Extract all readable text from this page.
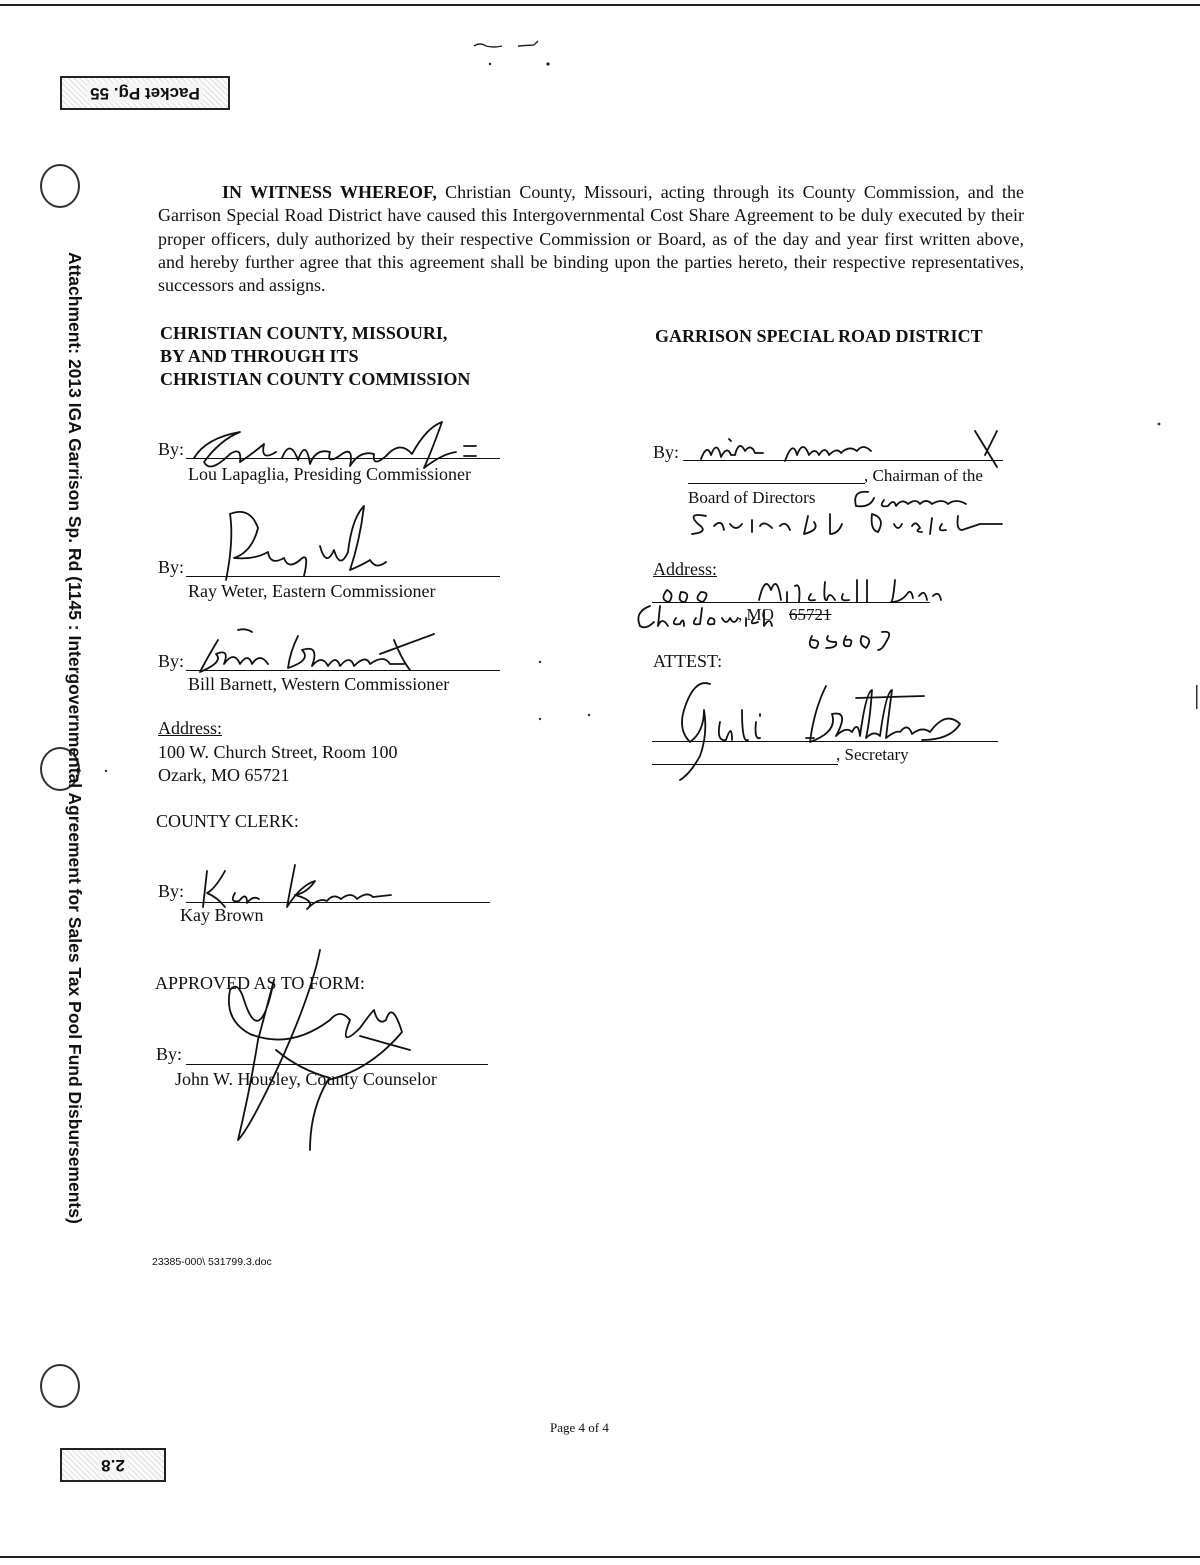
Packet Pg. 55
2.8
Attachment: 2013 IGA Garrison Sp. Rd (1145 : Intergovernmental Agreement for Sales Tax Pool Fund Disbursements)
IN WITNESS WHEREOF, Christian County, Missouri, acting through its County Commission, and the Garrison Special Road District have caused this Intergovernmental Cost Share Agreement to be duly executed by their proper officers, duly authorized by their respective Commission or Board, as of the day and year first written above, and hereby further agree that this agreement shall be binding upon the parties hereto, their respective representatives, successors and assigns.
CHRISTIAN COUNTY, MISSOURI,
BY AND THROUGH ITS
CHRISTIAN COUNTY COMMISSION
By:
Lou Lapaglia, Presiding Commissioner
By:
Ray Weter, Eastern Commissioner
By:
Bill Barnett, Western Commissioner
Address:
100 W. Church Street, Room 100
Ozark, MO 65721
COUNTY CLERK:
By:
Kay Brown
APPROVED AS TO FORM:
By:
John W. Housley, County Counselor
23385-000\ 531799.3.doc
GARRISON SPECIAL ROAD DISTRICT
By:
, Chairman of the
Board of Directors
Address:
, MO 65721
ATTEST:
, Secretary
Page 4 of 4
